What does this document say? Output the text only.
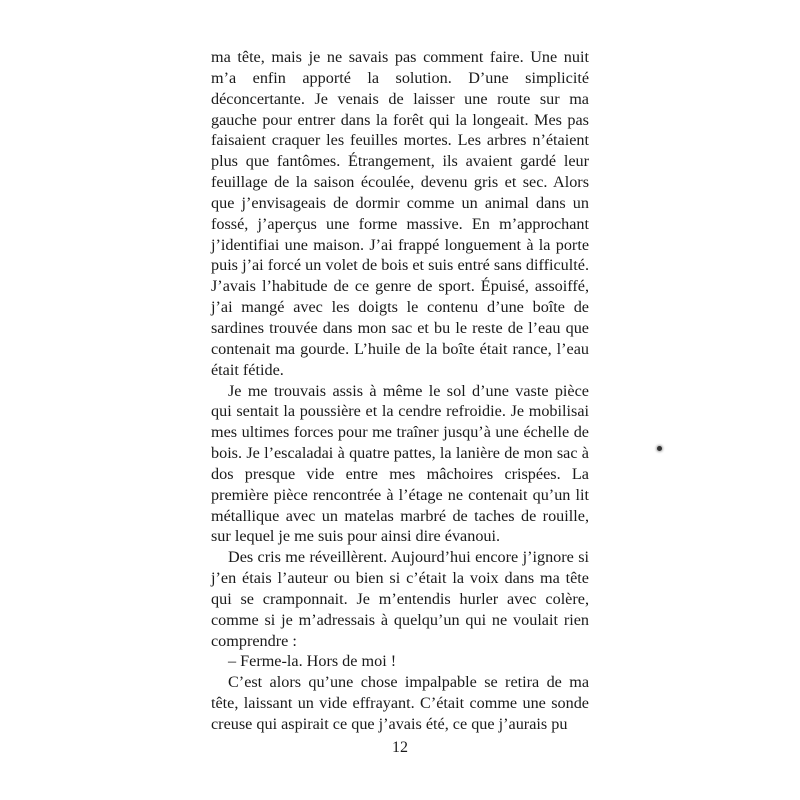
ma tête, mais je ne savais pas comment faire. Une nuit m’a enfin apporté la solution. D’une simplicité déconcertante. Je venais de laisser une route sur ma gauche pour entrer dans la forêt qui la longeait. Mes pas faisaient craquer les feuilles mortes. Les arbres n’étaient plus que fantômes. Étrangement, ils avaient gardé leur feuillage de la saison écoulée, devenu gris et sec. Alors que j’envisageais de dormir comme un animal dans un fossé, j’aperçus une forme massive. En m’approchant j’identifiai une maison. J’ai frappé longuement à la porte puis j’ai forcé un volet de bois et suis entré sans difficulté. J’avais l’habitude de ce genre de sport. Épuisé, assoiffé, j’ai mangé avec les doigts le contenu d’une boîte de sardines trouvée dans mon sac et bu le reste de l’eau que contenait ma gourde. L’huile de la boîte était rance, l’eau était fétide.

Je me trouvais assis à même le sol d’une vaste pièce qui sentait la poussière et la cendre refroidie. Je mobilisai mes ultimes forces pour me traîner jusqu’à une échelle de bois. Je l’escaladai à quatre pattes, la lanière de mon sac à dos presque vide entre mes mâchoires crispées. La première pièce rencontrée à l’étage ne contenait qu’un lit métallique avec un matelas marbré de taches de rouille, sur lequel je me suis pour ainsi dire évanoui.

Des cris me réveillèrent. Aujourd’hui encore j’ignore si j’en étais l’auteur ou bien si c’était la voix dans ma tête qui se cramponnait. Je m’entendis hurler avec colère, comme si je m’adressais à quelqu’un qui ne voulait rien comprendre :

– Ferme-la. Hors de moi !

C’est alors qu’une chose impalpable se retira de ma tête, laissant un vide effrayant. C’était comme une sonde creuse qui aspirait ce que j’avais été, ce que j’aurais pu

12
